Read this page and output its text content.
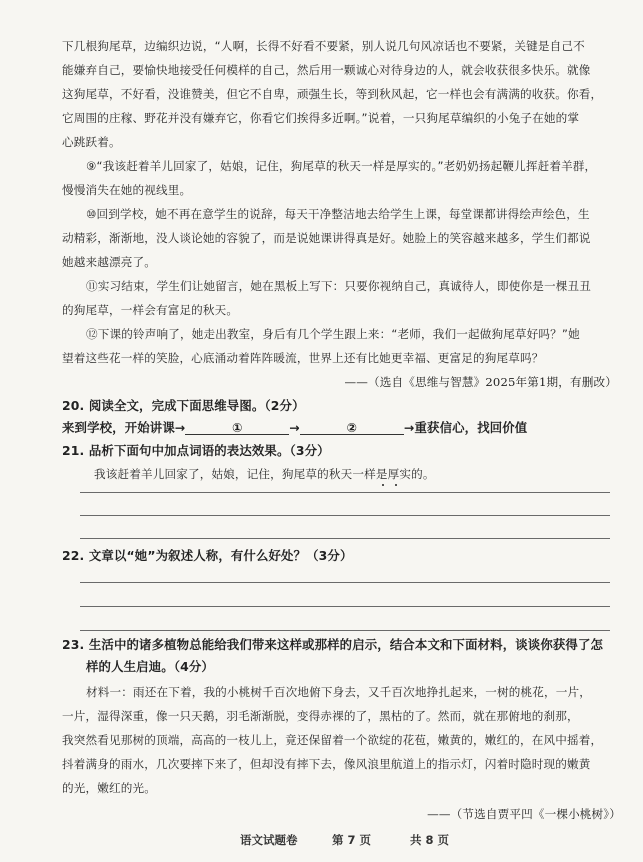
下几根狗尾草，边编织边说，“人啊，长得不好看不要紧，别人说几句风凉话也不要紧，关键是自己不
能嫌弃自己，要愉快地接受任何模样的自己，然后用一颗诚心对待身边的人，就会收获很多快乐。就像
这狗尾草，不好看，没谁赞美，但它不自卑，顽强生长，等到秋风起，它一样也会有满满的收获。你看，
它周围的庄稼、野花并没有嫌弃它，你看它们挨得多近啊。”说着，一只狗尾草编织的小兔子在她的掌
心跳跃着。
⑨“我该赶着羊儿回家了，姑娘，记住，狗尾草的秋天一样是厚实的。”老奶奶扬起鞭儿挥赶着羊群，
慢慢消失在她的视线里。
⑩回到学校，她不再在意学生的说辞，每天干净整洁地去给学生上课，每堂课都讲得绘声绘色，生
动精彩，渐渐地，没人谈论她的容貌了，而是说她课讲得真是好。她脸上的笑容越来越多，学生们都说
她越来越漂亮了。
⑪实习结束，学生们让她留言，她在黑板上写下：只要你视纳自己，真诚待人，即使你是一棵丑丑
的狗尾草，一样会有富足的秋天。
⑫下课的铃声响了，她走出教室，身后有几个学生跟上来：“老师，我们一起做狗尾草好吗？”她
望着这些花一样的笑脸，心底涌动着阵阵暖流，世界上还有比她更幸福、更富足的狗尾草吗？
——（选自《思维与智慧》2025年第1期，有删改）
20. 阅读全文，完成下面思维导图。（2分）
来到学校，开始讲课→	①	→	②	→重获信心，找回价值
21. 品析下面句中加点词语的表达效果。（3分）
我该赶着羊儿回家了，姑娘，记住，狗尾草的秋天一样是厚实的。
22. 文章以“她”为叙述人称，有什么好处？（3分）
23. 生活中的诸多植物总能给我们带来这样或那样的启示，结合本文和下面材料，谈谈你获得了怎
样的人生启迪。（4分）
材料一：雨还在下着，我的小桃树千百次地俯下身去，又千百次地挣扎起来，一树的桃花，一片，
一片，湿得深重，像一只天鹅，羽毛渐渐脱，变得赤裸的了，黑枯的了。然而，就在那俯地的刹那，
我突然看见那树的顶端，高高的一枝儿上，竟还保留着一个欲绽的花苞，嫩黄的，嫩红的，在风中摇着，
抖着满身的雨水，几次要摔下来了，但却没有摔下去，像风浪里航道上的指示灯，闪着时隐时现的嫩黄
的光，嫩红的光。
——（节选自贾平凹《一棵小桃树》）
语文试题卷	第 7 页	共 8 页
